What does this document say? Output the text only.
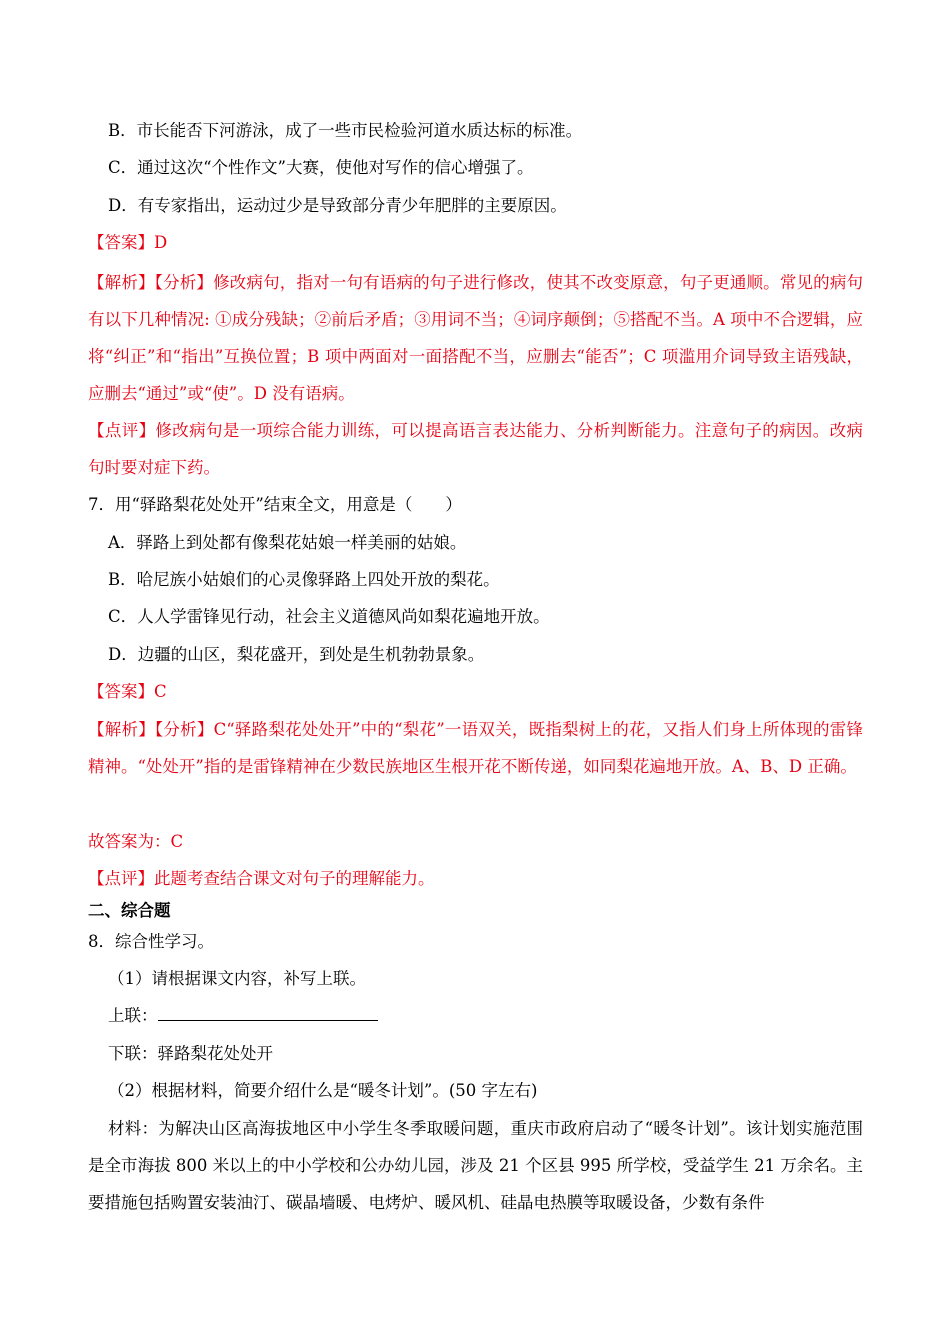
B．市长能否下河游泳，成了一些市民检验河道水质达标的标准。
C．通过这次“个性作文”大赛，使他对写作的信心增强了。
D．有专家指出，运动过少是导致部分青少年肥胖的主要原因。
【答案】D
【解析】【分析】修改病句，指对一句有语病的句子进行修改，使其不改变原意，句子更通顺。常见的病句有以下几种情况: ①成分残缺；②前后矛盾；③用词不当；④词序颠倒；⑤搭配不当。A 项中不合逻辑，应将“纠正”和“指出”互换位置；B 项中两面对一面搭配不当，应删去“能否”；C 项滥用介词导致主语残缺，应删去“通过”或“使”。D 没有语病。
【点评】修改病句是一项综合能力训练，可以提高语言表达能力、分析判断能力。注意句子的病因。改病句时要对症下药。
7．用“驿路梨花处处开”结束全文，用意是（　　）
A．驿路上到处都有像梨花姑娘一样美丽的姑娘。
B．哈尼族小姑娘们的心灵像驿路上四处开放的梨花。
C．人人学雷锋见行动，社会主义道德风尚如梨花遍地开放。
D．边疆的山区，梨花盛开，到处是生机勃勃景象。
【答案】C
【解析】【分析】C“驿路梨花处处开”中的“梨花”一语双关，既指梨树上的花，又指人们身上所体现的雷锋精神。“处处开”指的是雷锋精神在少数民族地区生根开花不断传递，如同梨花遍地开放。A、B、D 正确。
故答案为：C
【点评】此题考查结合课文对句子的理解能力。
二、综合题
8．综合性学习。
（1）请根据课文内容，补写上联。
上联：
下联：驿路梨花处处开
（2）根据材料，简要介绍什么是“暖冬计划”。(50 字左右)
材料：为解决山区高海拔地区中小学生冬季取暖问题，重庆市政府启动了“暖冬计划”。该计划实施范围是全市海拔 800 米以上的中小学校和公办幼儿园，涉及 21 个区县 995 所学校，受益学生 21 万余名。主要措施包括购置安装油汀、碳晶墙暖、电烤炉、暖风机、硅晶电热膜等取暖设备，少数有条件
